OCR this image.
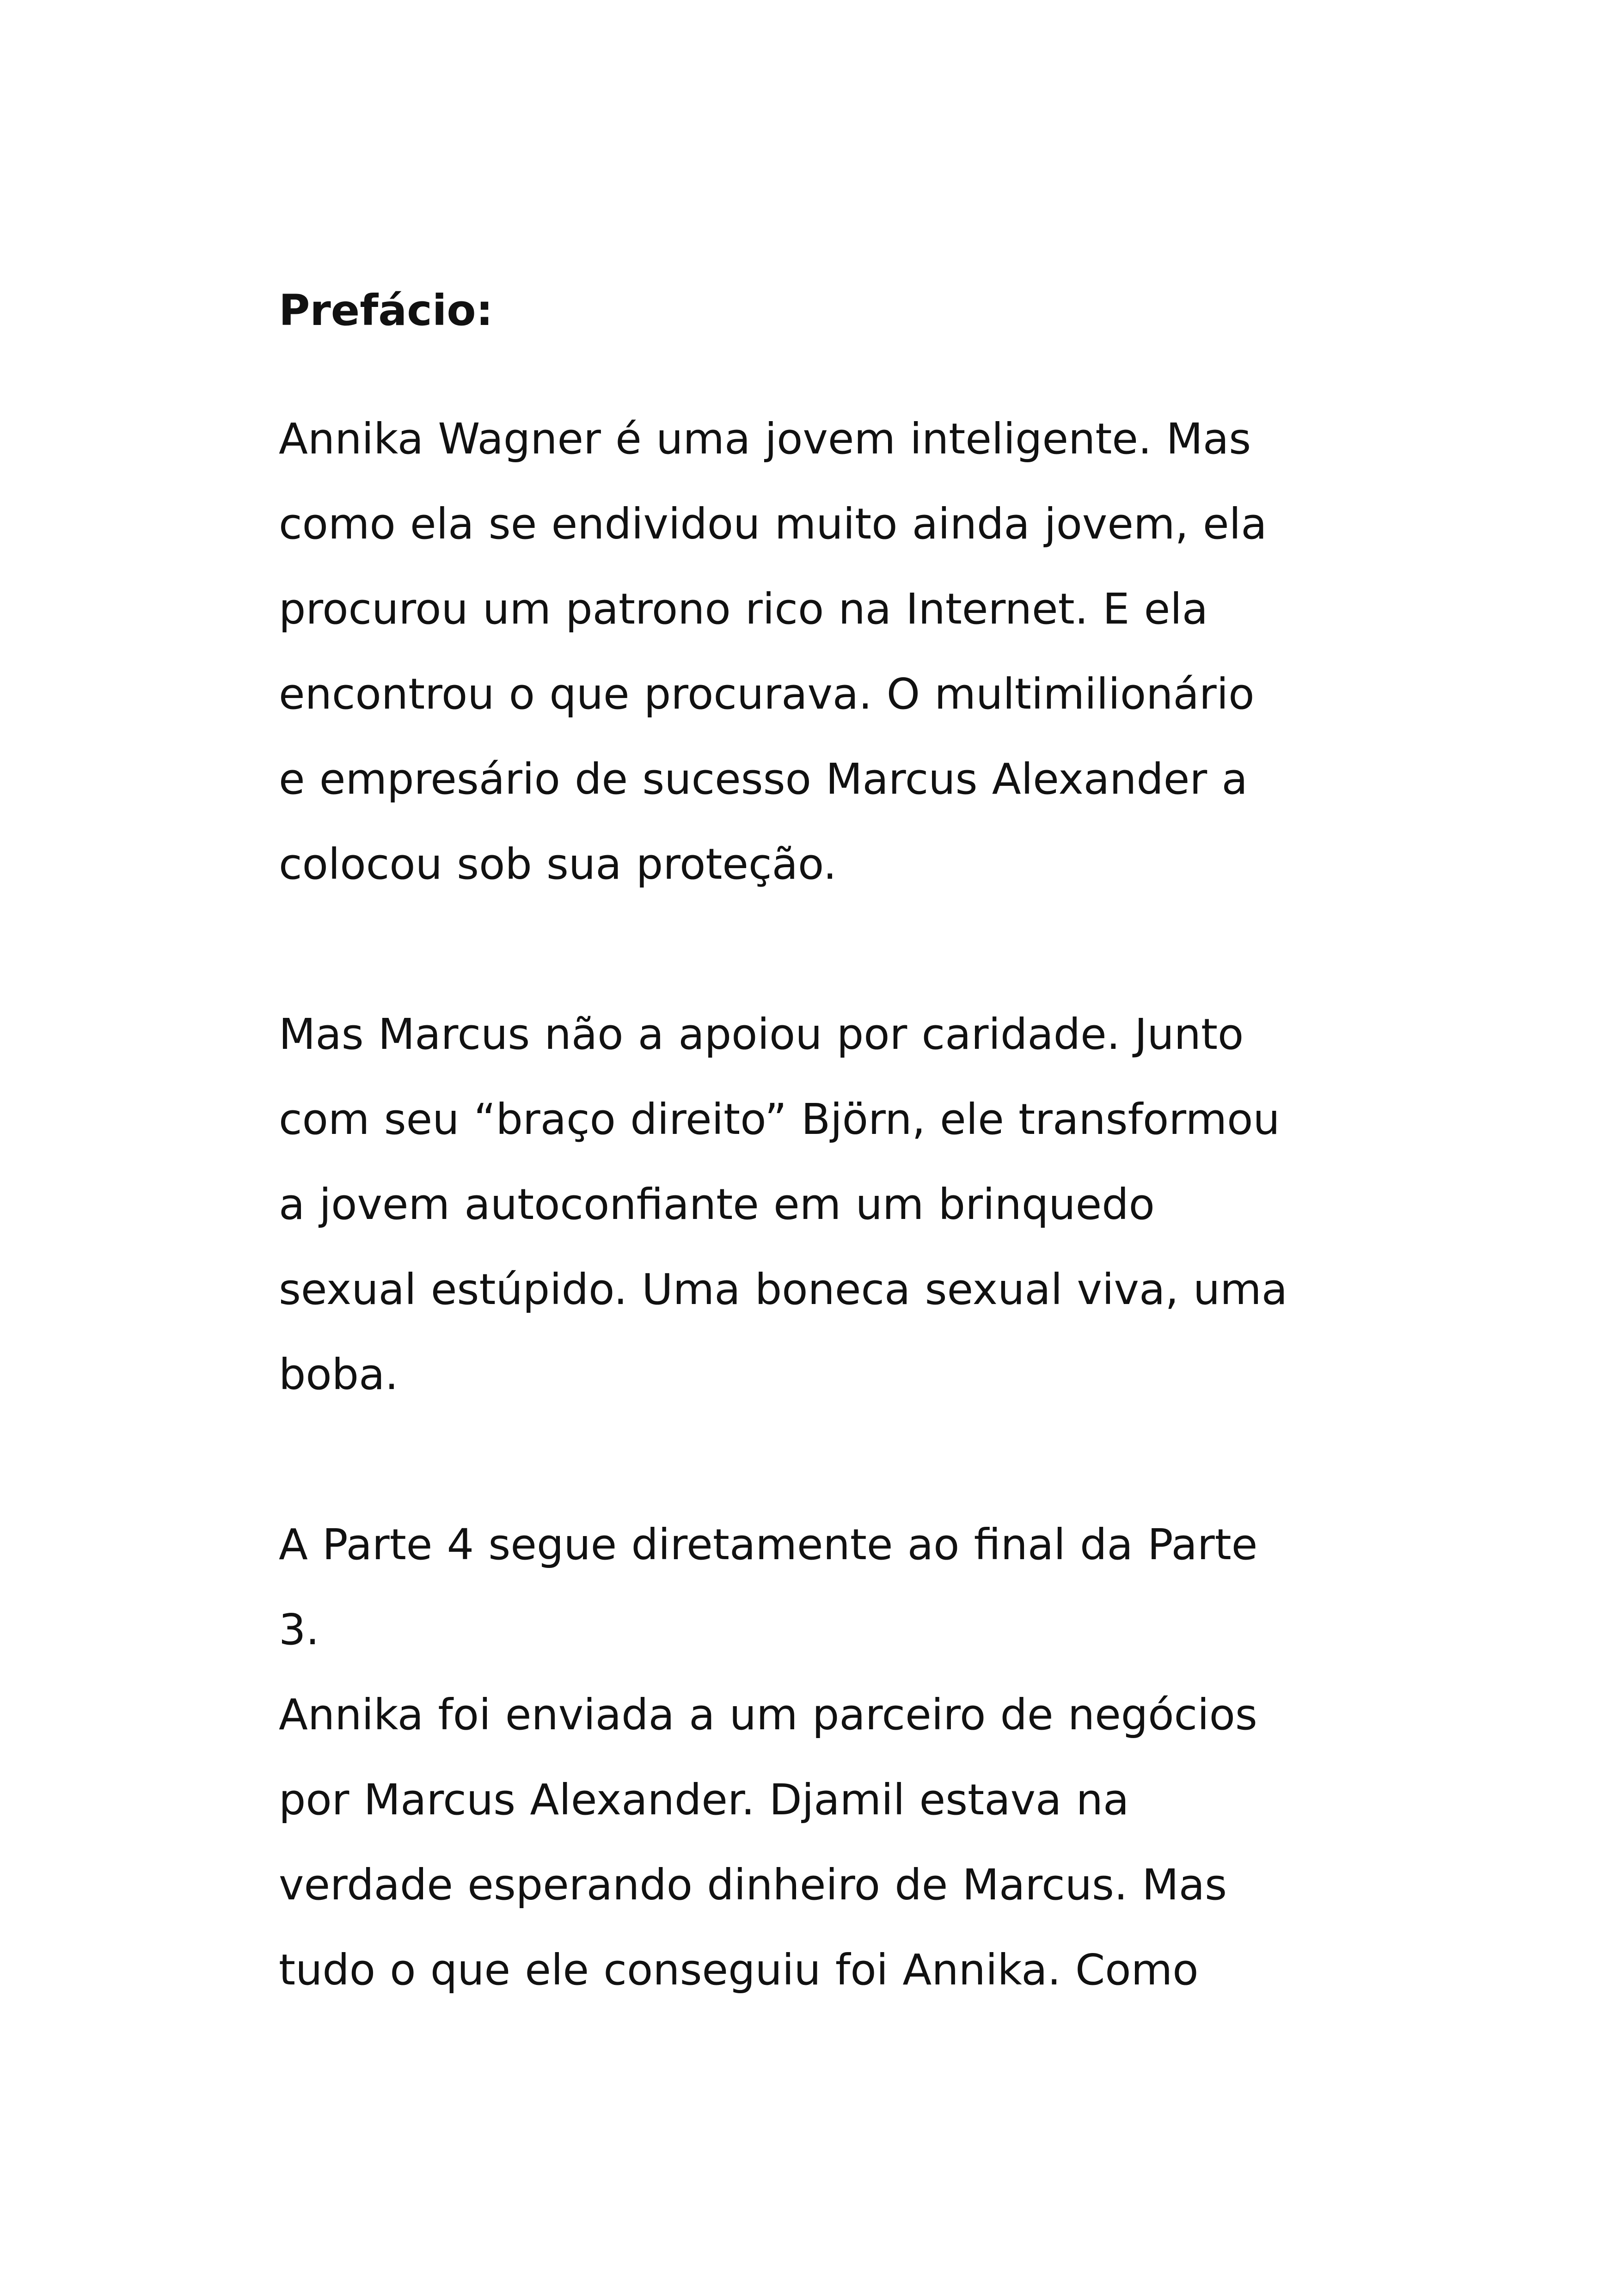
Prefácio:

Annika Wagner é uma jovem inteligente. Mas
como ela se endividou muito ainda jovem, ela
procurou um patrono rico na Internet. E ela
encontrou o que procurava. O multimilionário
e empresário de sucesso Marcus Alexander a
colocou sob sua proteção.

Mas Marcus não a apoiou por caridade. Junto
com seu “braço direito” Björn, ele transformou
a jovem autoconfiante em um brinquedo
sexual estúpido. Uma boneca sexual viva, uma
boba.

A Parte 4 segue diretamente ao final da Parte
3.

Annika foi enviada a um parceiro de negócios
por Marcus Alexander. Djamil estava na
verdade esperando dinheiro de Marcus. Mas
tudo o que ele conseguiu foi Annika. Como
